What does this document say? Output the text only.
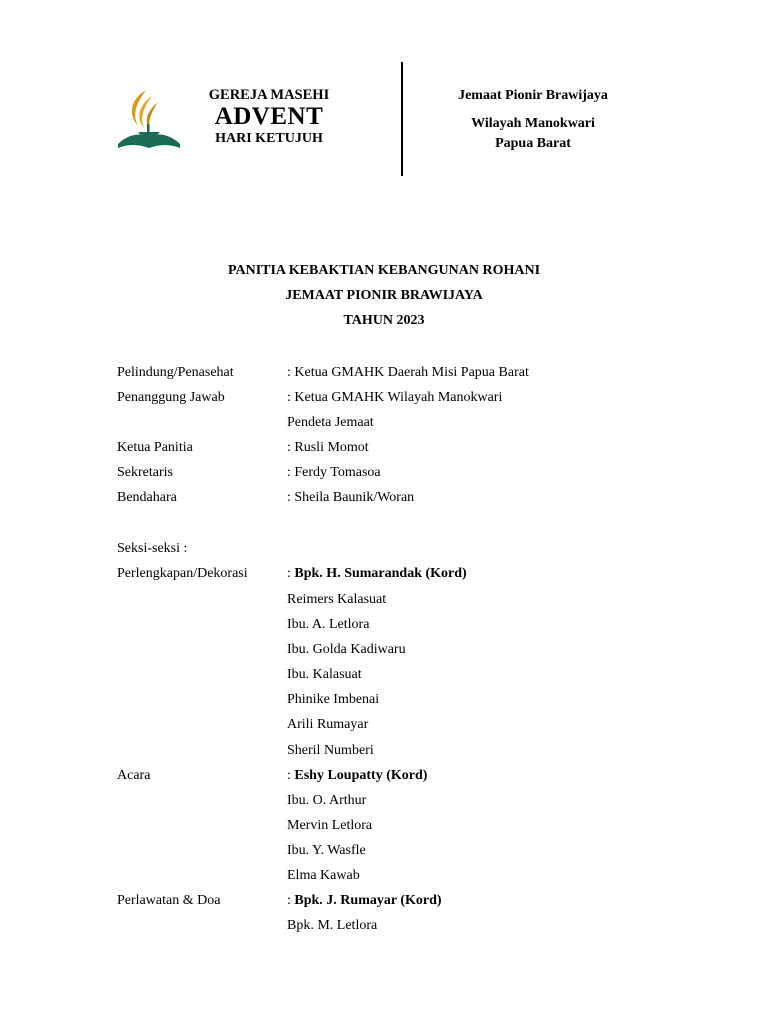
GEREJA MASEHI
ADVENT
HARI KETUJUH
Jemaat Pionir Brawijaya
Wilayah Manokwari
Papua Barat
PANITIA KEBAKTIAN KEBANGUNAN ROHANI
JEMAAT PIONIR BRAWIJAYA
TAHUN 2023
Pelindung/Penasehat	: Ketua GMAHK Daerah Misi Papua Barat
Penanggung Jawab	: Ketua GMAHK Wilayah Manokwari
Pendeta Jemaat
Ketua Panitia	: Rusli Momot
Sekretaris	: Ferdy Tomasoa
Bendahara	: Sheila Baunik/Woran
Seksi-seksi :
Perlengkapan/Dekorasi	: Bpk. H. Sumarandak (Kord)
Reimers Kalasuat
Ibu. A. Letlora
Ibu. Golda Kadiwaru
Ibu. Kalasuat
Phinike Imbenai
Arili Rumayar
Sheril Numberi
Acara	: Eshy Loupatty (Kord)
Ibu. O. Arthur
Mervin Letlora
Ibu. Y. Wasfle
Elma Kawab
Perlawatan & Doa	: Bpk. J. Rumayar (Kord)
Bpk. M. Letlora
